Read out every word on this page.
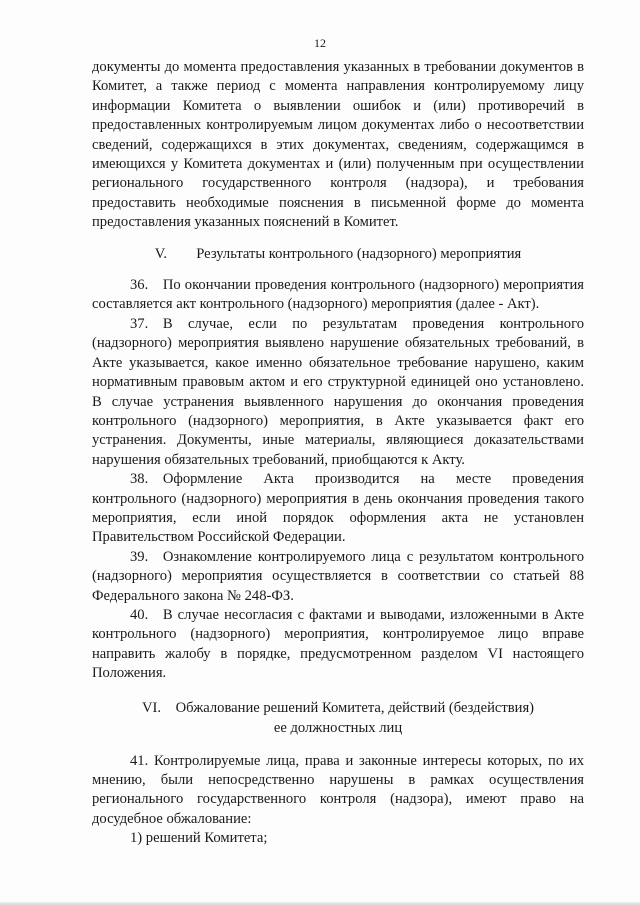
12

документы до момента предоставления указанных в требовании документов в Комитет, а также период с момента направления контролируемому лицу информации Комитета о выявлении ошибок и (или) противоречий в предоставленных контролируемым лицом документах либо о несоответствии сведений, содержащихся в этих документах, сведениям, содержащимся в имеющихся у Комитета документах и (или) полученным при осуществлении регионального государственного контроля (надзора), и требования предоставить необходимые пояснения в письменной форме до момента предоставления указанных пояснений в Комитет.

V.  Результаты контрольного (надзорного) мероприятия

36. По окончании проведения контрольного (надзорного) мероприятия составляется акт контрольного (надзорного) мероприятия (далее - Акт).

37. В случае, если по результатам проведения контрольного (надзорного) мероприятия выявлено нарушение обязательных требований, в Акте указывается, какое именно обязательное требование нарушено, каким нормативным правовым актом и его структурной единицей оно установлено. В случае устранения выявленного нарушения до окончания проведения контрольного (надзорного) мероприятия, в Акте указывается факт его устранения. Документы, иные материалы, являющиеся доказательствами нарушения обязательных требований, приобщаются к Акту.

38. Оформление Акта производится на месте проведения контрольного (надзорного) мероприятия в день окончания проведения такого мероприятия, если иной порядок оформления акта не установлен Правительством Российской Федерации.

39. Ознакомление контролируемого лица с результатом контрольного (надзорного) мероприятия осуществляется в соответствии со статьей 88 Федерального закона № 248-ФЗ.

40. В случае несогласия с фактами и выводами, изложенными в Акте контрольного (надзорного) мероприятия, контролируемое лицо вправе направить жалобу в порядке, предусмотренном разделом VI настоящего Положения.

VI. Обжалование решений Комитета, действий (бездействия)

ее должностных лиц

41. Контролируемые лица, права и законные интересы которых, по их мнению, были непосредственно нарушены в рамках осуществления регионального государственного контроля (надзора), имеют право на досудебное обжалование:

1) решений Комитета;
